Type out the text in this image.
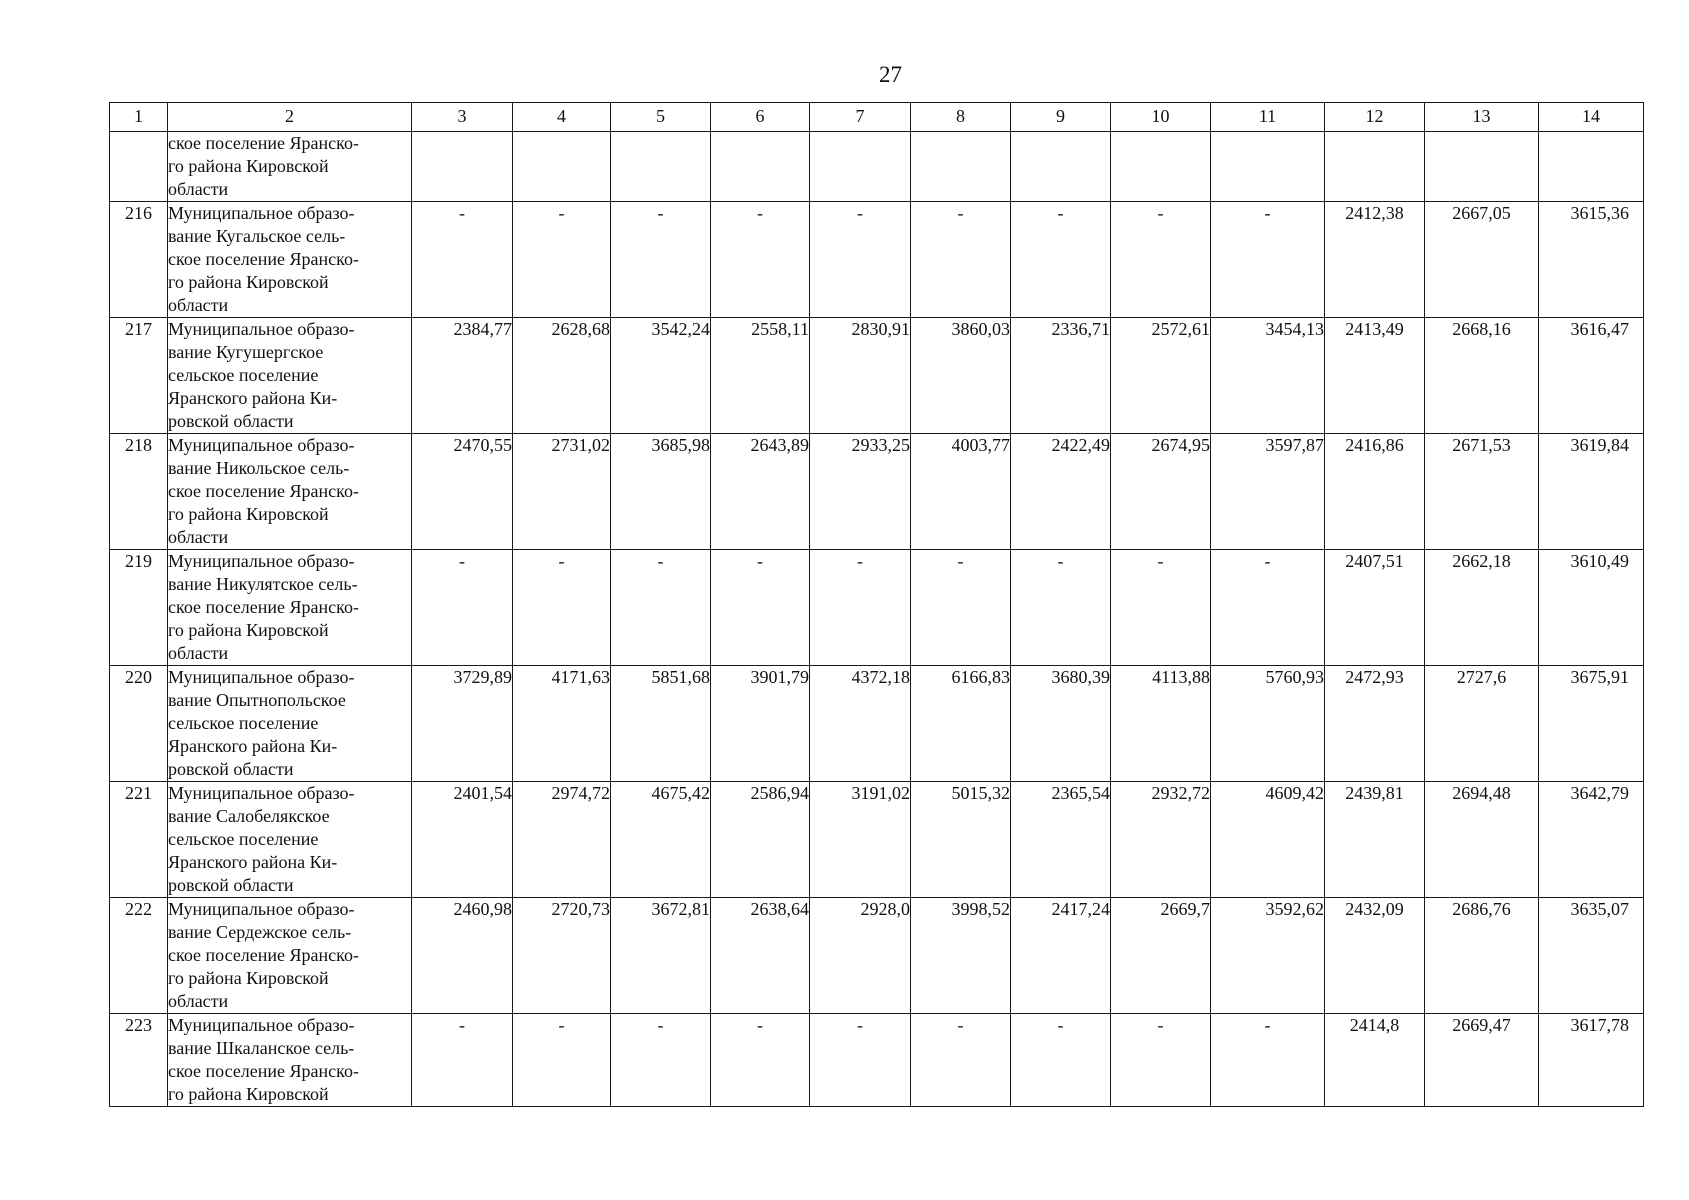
27
1	2	3	4	5	6	7	8	9	10	11	12	13	14

	ское поселение Яранско-
го района Кировской
области												

216	Муниципальное образо-
вание Кугальское сель-
ское поселение Яранско-
го района Кировской
области	-	-	-	-	-	-	-	-	-	2412,38	2667,05	3615,36
217	Муниципальное образо-
вание Кугушергское
сельское поселение
Яранского района Ки-
ровской области	2384,77	2628,68	3542,24	2558,11	2830,91	3860,03	2336,71	2572,61	3454,13	2413,49	2668,16	3616,47
218	Муниципальное образо-
вание Никольское сель-
ское поселение Яранско-
го района Кировской
области	2470,55	2731,02	3685,98	2643,89	2933,25	4003,77	2422,49	2674,95	3597,87	2416,86	2671,53	3619,84
219	Муниципальное образо-
вание Никулятское сель-
ское поселение Яранско-
го района Кировской
области	-	-	-	-	-	-	-	-	-	2407,51	2662,18	3610,49
220	Муниципальное образо-
вание Опытнопольское
сельское поселение
Яранского района Ки-
ровской области	3729,89	4171,63	5851,68	3901,79	4372,18	6166,83	3680,39	4113,88	5760,93	2472,93	2727,6	3675,91
221	Муниципальное образо-
вание Салобелякское
сельское поселение
Яранского района Ки-
ровской области	2401,54	2974,72	4675,42	2586,94	3191,02	5015,32	2365,54	2932,72	4609,42	2439,81	2694,48	3642,79
222	Муниципальное образо-
вание Сердежское сель-
ское поселение Яранско-
го района Кировской
области	2460,98	2720,73	3672,81	2638,64	2928,0	3998,52	2417,24	2669,7	3592,62	2432,09	2686,76	3635,07
223	Муниципальное образо-
вание Шкаланское сель-
ское поселение Яранско-
го района Кировской	-	-	-	-	-	-	-	-	-	2414,8	2669,47	3617,78
